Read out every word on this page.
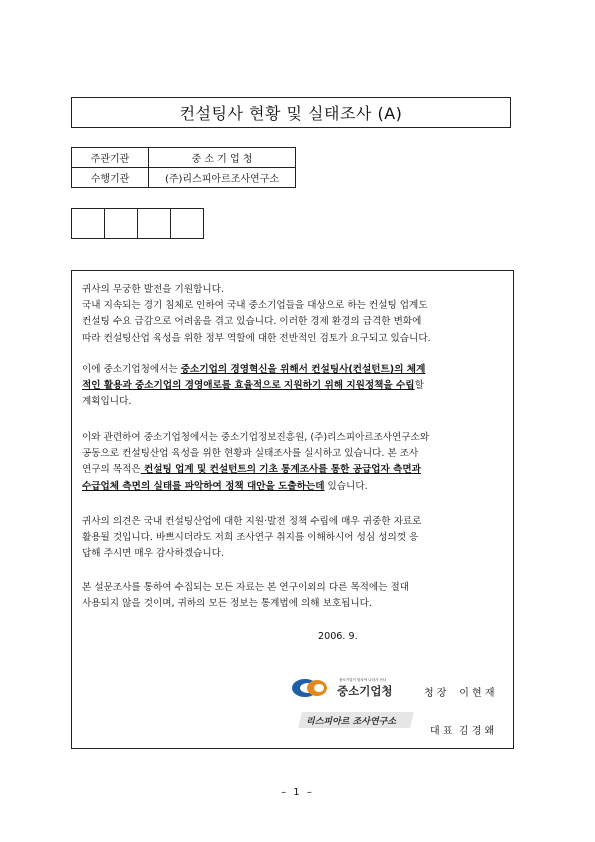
컨설팅사 현황 및 실태조사 (A)
주관기관	중 소 기 업 청
수행기관	(주)리스피아르조사연구소

귀사의 무궁한 발전을 기원합니다.

국내 지속되는 경기 침체로 인하여 국내 중소기업들을 대상으로 하는 컨설팅 업계도

컨설팅 수요 급감으로 어려움을 겪고 있습니다. 이러한 경제 환경의 급격한 변화에

따라 컨설팅산업 육성을 위한 정부 역할에 대한 전반적인 검토가 요구되고 있습니다.

이에 중소기업청에서는 중소기업의 경영혁신을 위해서 컨설팅사(컨설턴트)의 체계

적인 활용과 중소기업의 경영애로를 효율적으로 지원하기 위해 지원정책을 수립할

계획입니다.

이와 관련하여 중소기업청에서는 중소기업정보진흥원, (주)리스피아르조사연구소와

공동으로 컨설팅산업 육성을 위한 현황과 실태조사를 실시하고 있습니다. 본 조사

연구의 목적은 컨설팅 업계 및 컨설턴트의 기초 통계조사를 통한 공급업자 측면과

수급업체 측면의 실태를 파악하여 정책 대안을 도출하는데 있습니다.

귀사의 의견은 국내 컨설팅산업에 대한 지원·발전 정책 수립에 매우 귀중한 자료로

활용될 것입니다. 바쁘시더라도 저희 조사연구 취지를 이해하시어 성심 성의껏 응

답해 주시면 매우 감사하겠습니다.

본 설문조사를 통하여 수집되는 모든 자료는 본 연구이외의 다른 목적에는 절대

사용되지 않을 것이며, 귀하의 모든 정보는 통계법에 의해 보호됩니다.

2006. 9.
중소기업이 힘차야 나라가 산다
중소기업청	청 장 이 현 재
리스피아르 조사연구소
대 표 김 경 왜
– 1 –
